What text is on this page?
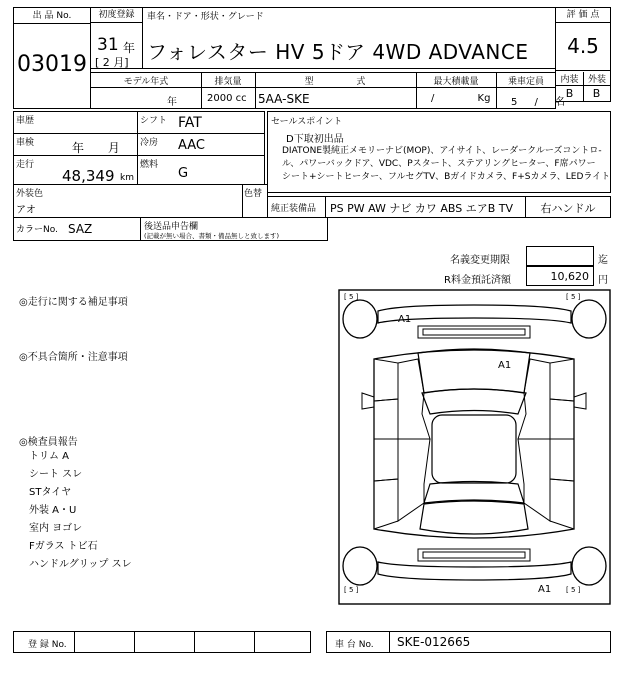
出 品 No.
03019
初度登録
31 年
[ 2 月]
車名・ドア・形状・グレード
フォレスター HV 5ドア 4WD ADVANCE
評 価 点
4.5
内装	外装
B	B
モデル年式
年
排気量
2000 cc
型 式
5AA-SKE
最大積載量
/ Kg
乗車定員
5 / 名
車歴
車検	年 月
走行
48,349 km
シフト FAT
冷房 AAC
燃料
G
セールスポイント
D下取初出品
DIATONE製純正メモリーナビ(MOP)、アイサイト、レーダークルーズコントロ-
ル、パワーバックドア、VDC、Pスタート、ステアリングヒーター、F席パワー
シート+シートヒーター、フルセグTV、Bガイドカメラ、F+Sカメラ、LEDライト
外装色
アオ
色替
純正装備品 PS PW AW ナビ カワ ABS エアB TV	右ハンドル
カラーNo. SAZ	後送品申告欄
(記載が無い場合、書類・備品無しと致します)
名義変更期限	迄
R料金預託済額	10,620 円
◎走行に関する補足事項
◎不具合箇所・注意事項
◎検査員報告
トリム A
シート スレ
STタイヤ
外装 A・U
室内 ヨゴレ
Fガラス トビ石
ハンドルグリップ スレ
[ 5 ]	[ 5 ]
[ 5 ]	[ 5 ]
A1
A1
A1
登 録 No.	車 台 No. SKE-012665
